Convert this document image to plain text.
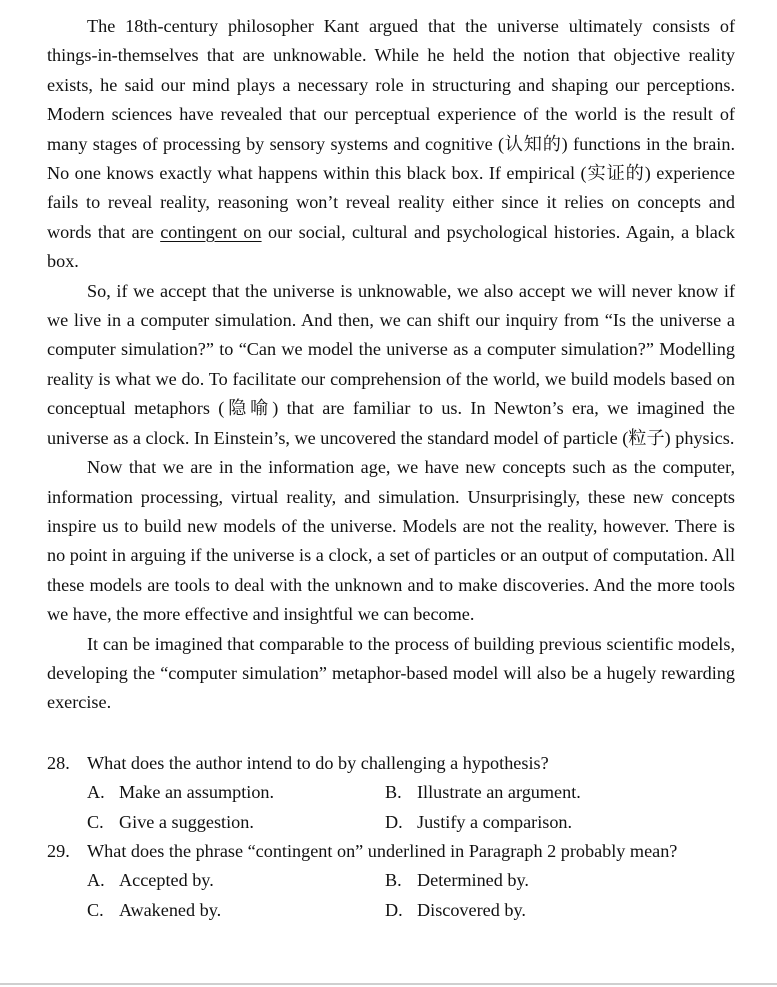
The 18th-century philosopher Kant argued that the universe ultimately consists of things-in-themselves that are unknowable. While he held the notion that objective reality exists, he said our mind plays a necessary role in structuring and shaping our perceptions. Modern sciences have revealed that our perceptual experience of the world is the result of many stages of processing by sensory systems and cognitive (认知的) functions in the brain. No one knows exactly what happens within this black box. If empirical (实证的) experience fails to reveal reality, reasoning won’t reveal reality either since it relies on concepts and words that are contingent on our social, cultural and psychological histories. Again, a black box.

So, if we accept that the universe is unknowable, we also accept we will never know if we live in a computer simulation. And then, we can shift our inquiry from “Is the universe a computer simulation?” to “Can we model the universe as a computer simulation?” Modelling reality is what we do. To facilitate our comprehension of the world, we build models based on conceptual metaphors (隐喻) that are familiar to us. In Newton’s era, we imagined the universe as a clock. In Einstein’s, we uncovered the standard model of particle (粒子) physics.

Now that we are in the information age, we have new concepts such as the computer, information processing, virtual reality, and simulation. Unsurprisingly, these new concepts inspire us to build new models of the universe. Models are not the reality, however. There is no point in arguing if the universe is a clock, a set of particles or an output of computation. All these models are tools to deal with the unknown and to make discoveries. And the more tools we have, the more effective and insightful we can become.

It can be imagined that comparable to the process of building previous scientific models, developing the “computer simulation” metaphor-based model will also be a hugely rewarding exercise.

28. What does the author intend to do by challenging a hypothesis?

A. Make an assumption.	B. Illustrate an argument.
C. Give a suggestion.	D. Justify a comparison.

29. What does the phrase “contingent on” underlined in Paragraph 2 probably mean?

A. Accepted by.	B. Determined by.
C. Awakened by.	D. Discovered by.
